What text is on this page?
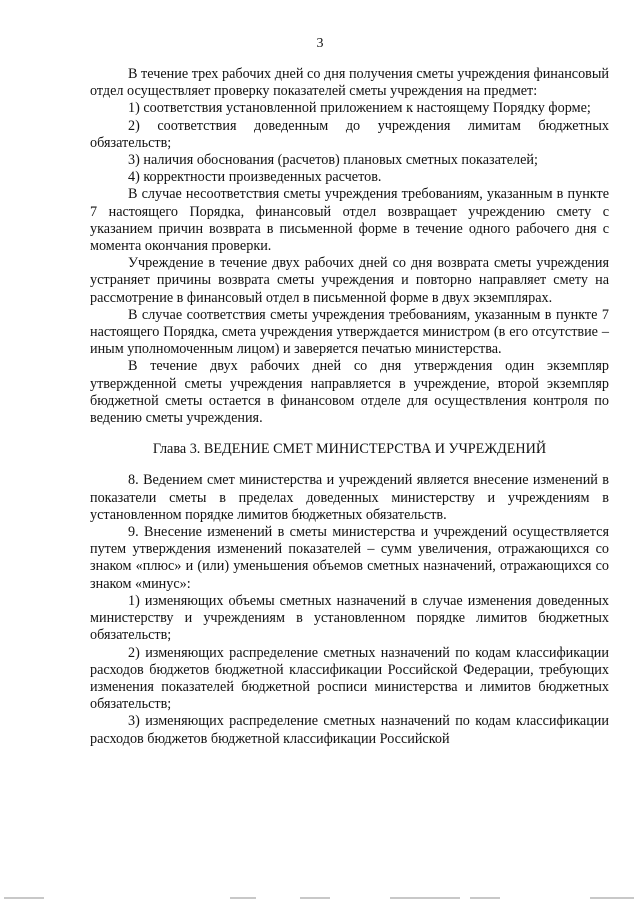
3

В течение трех рабочих дней со дня получения сметы учреждения финансовый отдел осуществляет проверку показателей сметы учреждения на предмет:

1) соответствия установленной приложением к настоящему Порядку форме;

2) соответствия доведенным до учреждения лимитам бюджетных обязательств;

3) наличия обоснования (расчетов) плановых сметных показателей;

4) корректности произведенных расчетов.

В случае несоответствия сметы учреждения требованиям, указанным в пункте 7 настоящего Порядка, финансовый отдел возвращает учреждению смету с указанием причин возврата в письменной форме в течение одного рабочего дня с момента окончания проверки.

Учреждение в течение двух рабочих дней со дня возврата сметы учреждения устраняет причины возврата сметы учреждения и повторно направляет смету на рассмотрение в финансовый отдел в письменной форме в двух экземплярах.

В случае соответствия сметы учреждения требованиям, указанным в пункте 7 настоящего Порядка, смета учреждения утверждается министром (в его отсутствие – иным уполномоченным лицом) и заверяется печатью министерства.

В течение двух рабочих дней со дня утверждения один экземпляр утвержденной сметы учреждения направляется в учреждение, второй экземпляр бюджетной сметы остается в финансовом отделе для осуществления контроля по ведению сметы учреждения.

Глава 3. ВЕДЕНИЕ СМЕТ МИНИСТЕРСТВА И УЧРЕЖДЕНИЙ

8. Ведением смет министерства и учреждений является внесение изменений в показатели сметы в пределах доведенных министерству и учреждениям в установленном порядке лимитов бюджетных обязательств.

9. Внесение изменений в сметы министерства и учреждений осуществляется путем утверждения изменений показателей – сумм увеличения, отражающихся со знаком «плюс» и (или) уменьшения объемов сметных назначений, отражающихся со знаком «минус»:

1) изменяющих объемы сметных назначений в случае изменения доведенных министерству и учреждениям в установленном порядке лимитов бюджетных обязательств;

2) изменяющих распределение сметных назначений по кодам классификации расходов бюджетов бюджетной классификации Российской Федерации, требующих изменения показателей бюджетной росписи министерства и лимитов бюджетных обязательств;

3) изменяющих распределение сметных назначений по кодам классификации расходов бюджетов бюджетной классификации Российской
